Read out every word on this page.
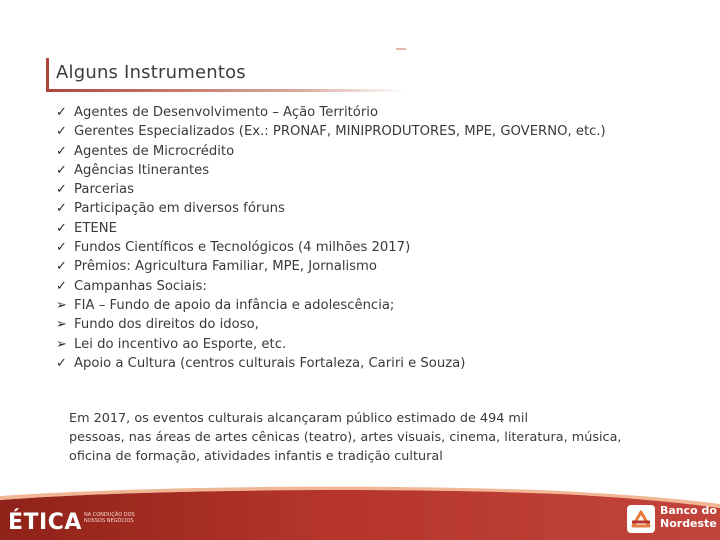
Alguns Instrumentos
✓ Agentes de Desenvolvimento – Ação Território
✓ Gerentes Especializados (Ex.: PRONAF, MINIPRODUTORES, MPE, GOVERNO, etc.)
✓ Agentes de Microcrédito
✓ Agências Itinerantes
✓ Parcerias
✓ Participação em diversos fóruns
✓ ETENE
✓ Fundos Científicos e Tecnológicos (4 milhões 2017)
✓ Prêmios: Agricultura Familiar, MPE, Jornalismo
✓ Campanhas Sociais:
➢ FIA – Fundo de apoio da infância e adolescência;
➢ Fundo dos direitos do idoso,
➢ Lei do incentivo ao Esporte, etc.
✓ Apoio a Cultura (centros culturais Fortaleza, Cariri e Souza)
Em 2017, os eventos culturais alcançaram público estimado de 494 mil
pessoas, nas áreas de artes cênicas (teatro), artes visuais, cinema, literatura, música,
oficina de formação, atividades infantis e tradição cultural
ÉTICA NA CONDUÇÃO DOS NOSSOS NEGÓCIOS
Banco do
Nordeste
